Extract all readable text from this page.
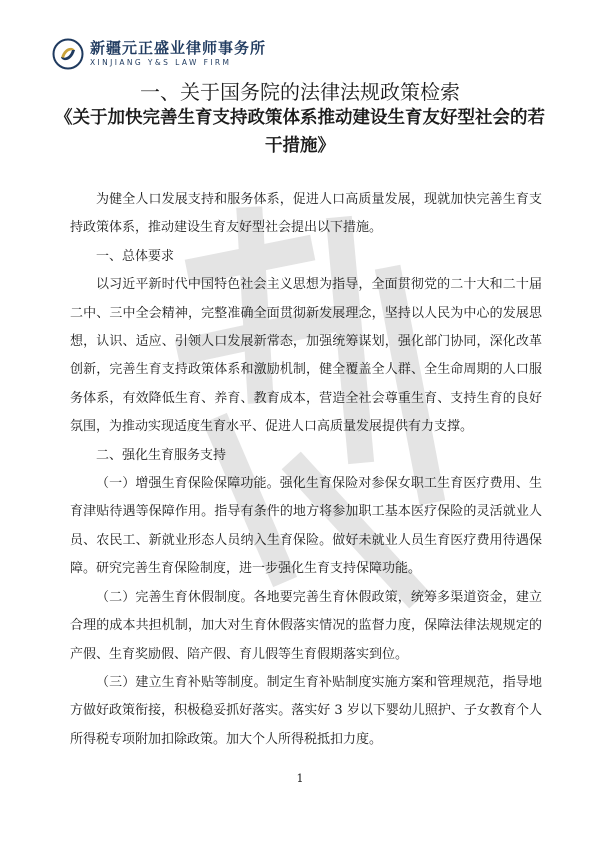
新疆元正盛业律师事务所
XINJIANG Y&S LAW FIRM
一、关于国务院的法律法规政策检索
《关于加快完善生育支持政策体系推动建设生育友好型社会的若干措施》

为健全人口发展支持和服务体系，促进人口高质量发展，现就加快完善生育支持政策体系，推动建设生育友好型社会提出以下措施。

一、总体要求

以习近平新时代中国特色社会主义思想为指导，全面贯彻党的二十大和二十届二中、三中全会精神，完整准确全面贯彻新发展理念，坚持以人民为中心的发展思想，认识、适应、引领人口发展新常态，加强统筹谋划，强化部门协同，深化改革创新，完善生育支持政策体系和激励机制，健全覆盖全人群、全生命周期的人口服务体系，有效降低生育、养育、教育成本，营造全社会尊重生育、支持生育的良好氛围，为推动实现适度生育水平、促进人口高质量发展提供有力支撑。

二、强化生育服务支持

（一）增强生育保险保障功能。强化生育保险对参保女职工生育医疗费用、生育津贴待遇等保障作用。指导有条件的地方将参加职工基本医疗保险的灵活就业人员、农民工、新就业形态人员纳入生育保险。做好未就业人员生育医疗费用待遇保障。研究完善生育保险制度，进一步强化生育支持保障功能。

（二）完善生育休假制度。各地要完善生育休假政策，统筹多渠道资金，建立合理的成本共担机制，加大对生育休假落实情况的监督力度，保障法律法规规定的产假、生育奖励假、陪产假、育儿假等生育假期落实到位。

（三）建立生育补贴等制度。制定生育补贴制度实施方案和管理规范，指导地方做好政策衔接，积极稳妥抓好落实。落实好 3 岁以下婴幼儿照护、子女教育个人所得税专项附加扣除政策。加大个人所得税抵扣力度。

1
